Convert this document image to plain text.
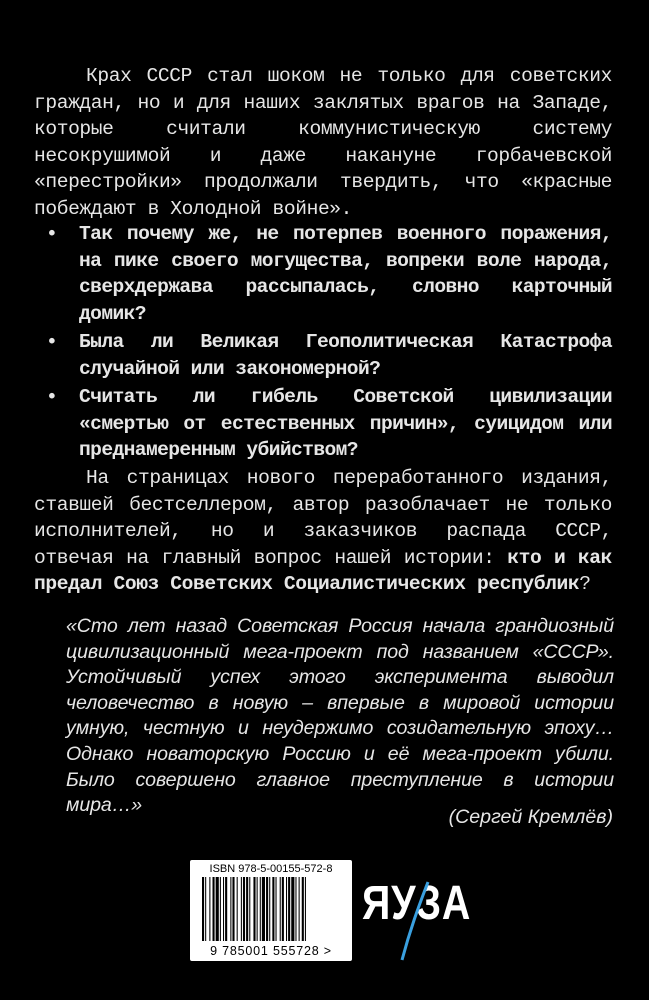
Крах СССР стал шоком не только для советских граждан, но и для наших заклятых врагов на Западе, которые считали коммунистическую систему несокрушимой и даже накануне горбачевской «перестройки» продолжали твердить, что «красные побеждают в Холодной войне».
• Так почему же, не потерпев военного поражения, на пике своего могущества, вопреки воле народа, сверхдержава рассыпалась, словно карточный домик?
• Была ли Великая Геополитическая Катастрофа случайной или закономерной?
• Считать ли гибель Советской цивилизации «смертью от естественных причин», суицидом или преднамеренным убийством?
На страницах нового переработанного издания, ставшей бестселлером, автор разоблачает не только исполнителей, но и заказчиков распада СССР, отвечая на главный вопрос нашей истории: кто и как предал Союз Советских Социалистических республик?
«Сто лет назад Советская Россия начала грандиозный цивилизационный мега-проект под названием «СССР». Устойчивый успех этого эксперимента выводил человечество в новую – впервые в мировой истории умную, честную и неудержимо созидательную эпоху… Однако новаторскую Россию и её мега-проект убили. Было совершено главное преступление в истории мира…»
(Сергей Кремлёв)
ISBN 978-5-00155-572-8
9 785001 555728 >
ЯУЗА
